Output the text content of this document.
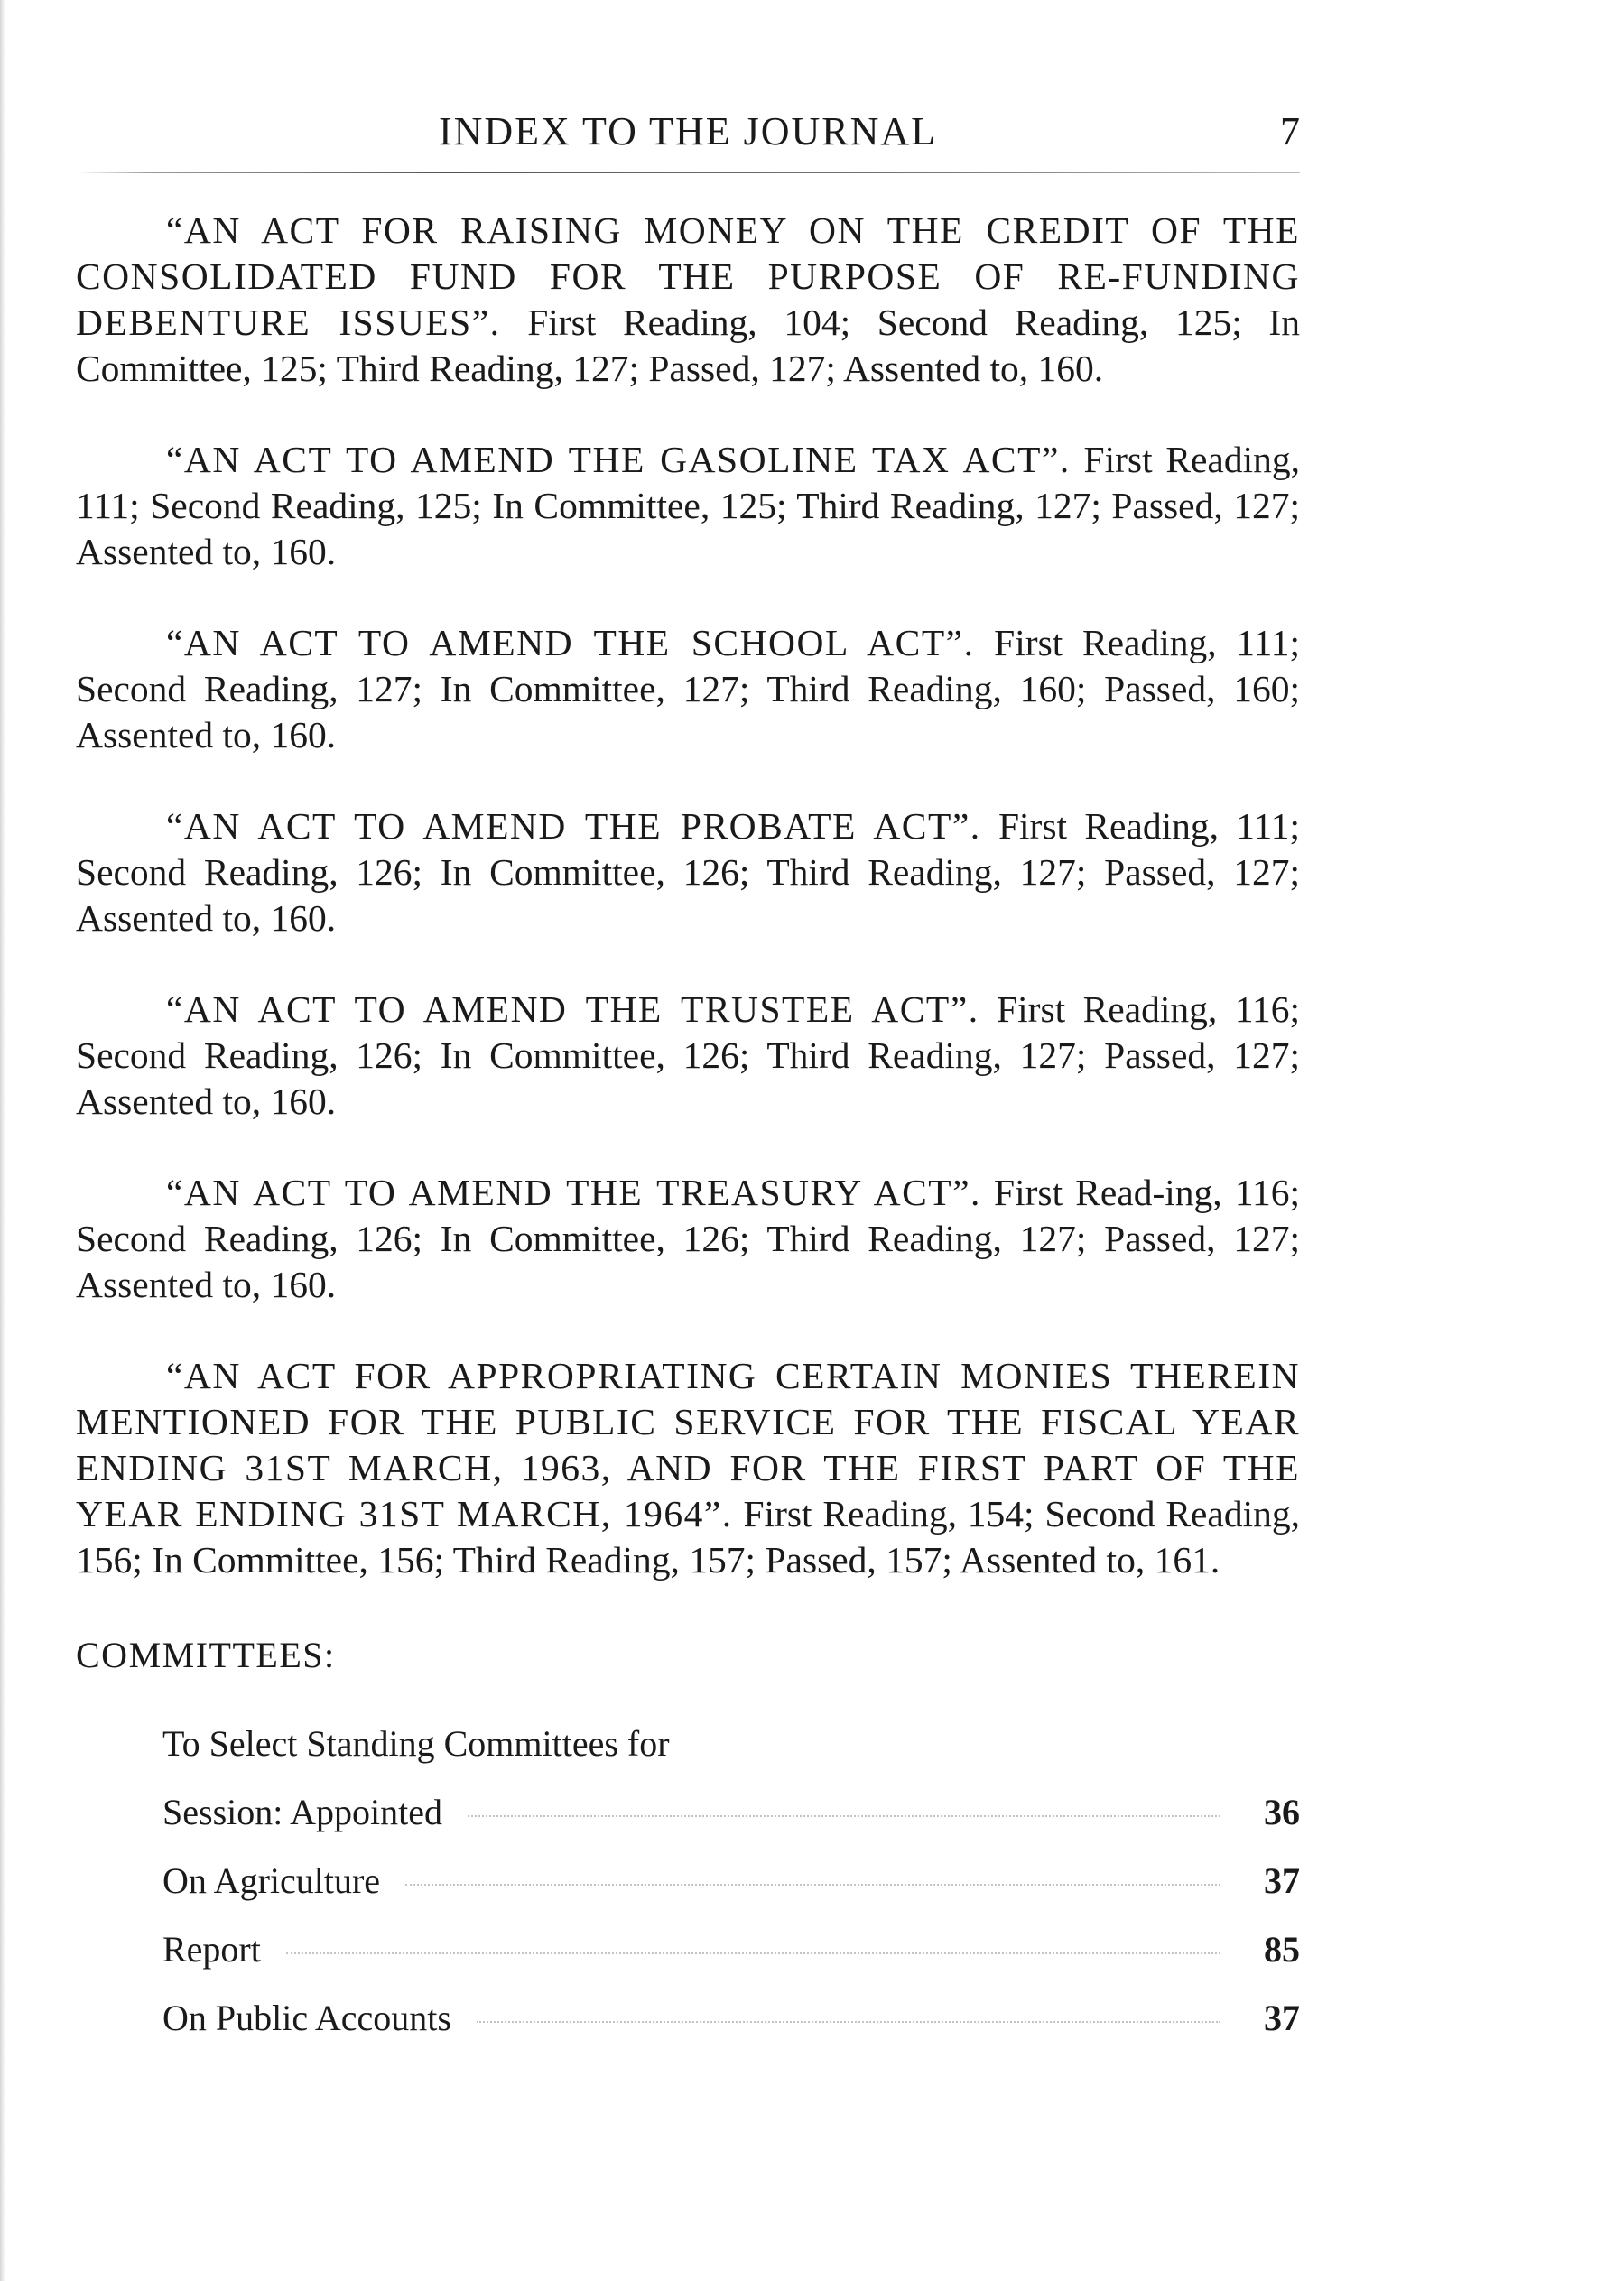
INDEX TO THE JOURNAL	7

“AN ACT FOR RAISING MONEY ON THE CREDIT OF THE CONSOLIDATED FUND FOR THE PURPOSE OF RE-FUNDING DEBENTURE ISSUES”. First Reading, 104; Second Reading, 125; In Committee, 125; Third Reading, 127; Passed, 127; Assented to, 160.

“AN ACT TO AMEND THE GASOLINE TAX ACT”. First Reading, 111; Second Reading, 125; In Committee, 125; Third Reading, 127; Passed, 127; Assented to, 160.

“AN ACT TO AMEND THE SCHOOL ACT”. First Reading, 111; Second Reading, 127; In Committee, 127; Third Reading, 160; Passed, 160; Assented to, 160.

“AN ACT TO AMEND THE PROBATE ACT”. First Reading, 111; Second Reading, 126; In Committee, 126; Third Reading, 127; Passed, 127; Assented to, 160.

“AN ACT TO AMEND THE TRUSTEE ACT”. First Reading, 116; Second Reading, 126; In Committee, 126; Third Reading, 127; Passed, 127; Assented to, 160.

“AN ACT TO AMEND THE TREASURY ACT”. First Read-ing, 116; Second Reading, 126; In Committee, 126; Third Reading, 127; Passed, 127; Assented to, 160.

“AN ACT FOR APPROPRIATING CERTAIN MONIES THEREIN MENTIONED FOR THE PUBLIC SERVICE FOR THE FISCAL YEAR ENDING 31ST MARCH, 1963, AND FOR THE FIRST PART OF THE YEAR ENDING 31ST MARCH, 1964”. First Reading, 154; Second Reading, 156; In Committee, 156; Third Reading, 157; Passed, 157; Assented to, 161.

COMMITTEES:
To Select Standing Committees for
Session: Appointed	36
On Agriculture	37
Report	85
On Public Accounts	37
